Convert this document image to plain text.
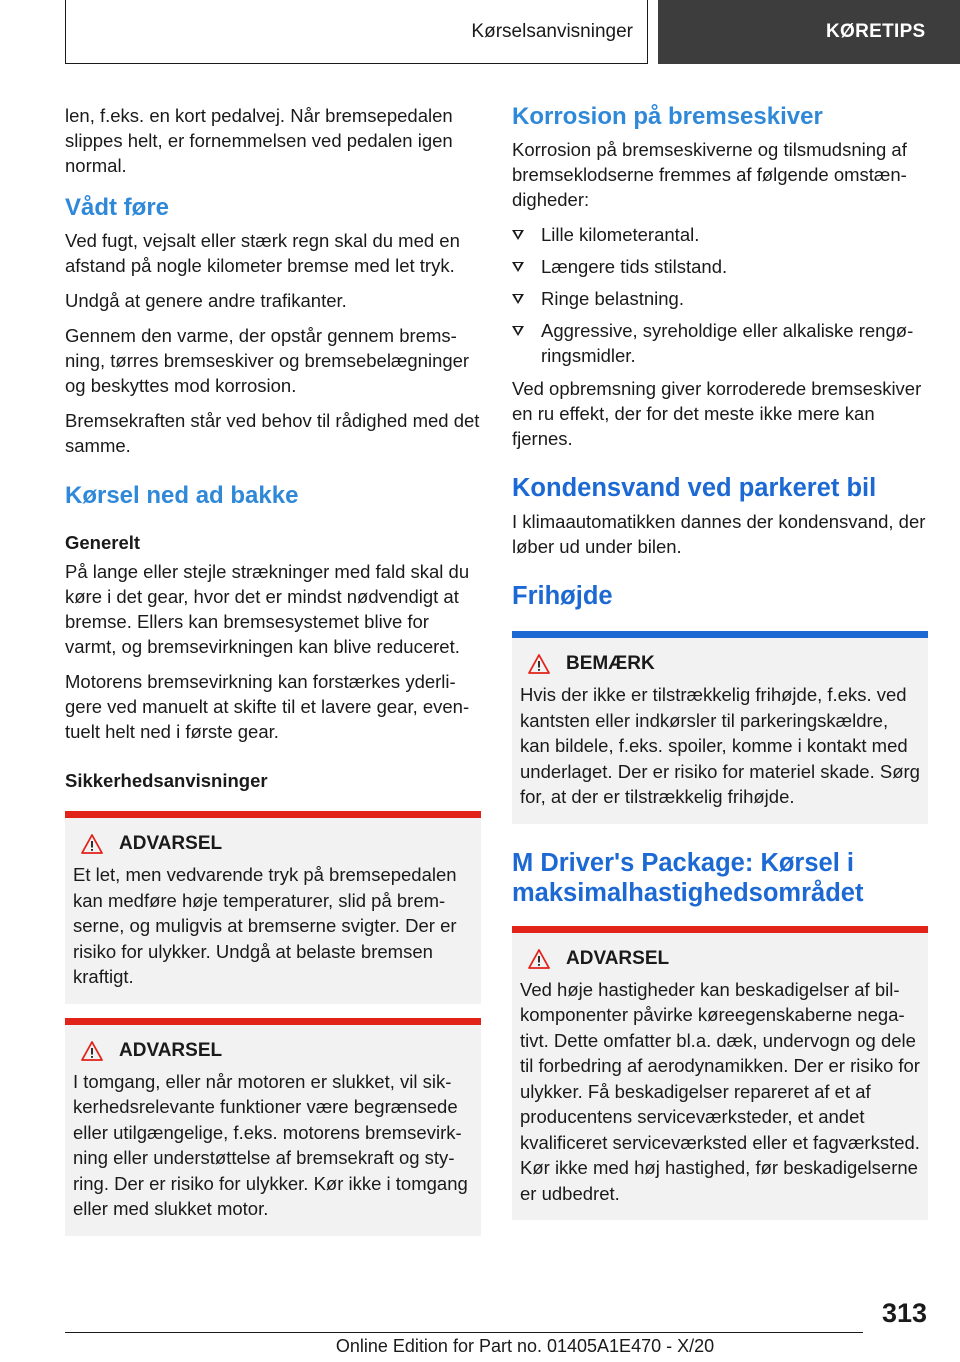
Kørselsanvisninger	KØRETIPS

len, f.eks. en kort pedalvej. Når bremsepedalen slippes helt, er fornemmelsen ved pedalen igen normal.

Vådt føre

Ved fugt, vejsalt eller stærk regn skal du med en afstand på nogle kilometer bremse med let tryk.

Undgå at genere andre trafikanter.

Gennem den varme, der opstår gennem bremsning, tørres bremseskiver og bremsebelægninger og beskyttes mod korrosion.

Bremsekraften står ved behov til rådighed med det samme.

Kørsel ned ad bakke
Generelt

På lange eller stejle strækninger med fald skal du køre i det gear, hvor det er mindst nødvendigt at bremse. Ellers kan bremsesystemet blive for varmt, og bremsevirkningen kan blive reduceret.

Motorens bremsevirkning kan forstærkes yderligere ved manuelt at skifte til et lavere gear, eventuelt helt ned i første gear.

Sikkerhedsanvisninger
ADVARSEL

Et let, men vedvarende tryk på bremsepedalen kan medføre høje temperaturer, slid på bremserne, og muligvis at bremserne svigter. Der er risiko for ulykker. Undgå at belaste bremsen kraftigt.

ADVARSEL

I tomgang, eller når motoren er slukket, vil sikkerhedsrelevante funktioner være begrænsede eller utilgængelige, f.eks. motorens bremsevirkning eller understøttelse af bremsekraft og styring. Der er risiko for ulykker. Kør ikke i tomgang eller med slukket motor.

Korrosion på bremseskiver

Korrosion på bremseskiverne og tilsmudsning af bremseklodserne fremmes af følgende omstændigheder:

Lille kilometerantal.
Længere tids stilstand.
Ringe belastning.
Aggressive, syreholdige eller alkaliske rengøringsmidler.

Ved opbremsning giver korroderede bremseskiver en ru effekt, der for det meste ikke mere kan fjernes.

Kondensvand ved parkeret bil

I klimaautomatikken dannes der kondensvand, der løber ud under bilen.

Frihøjde
BEMÆRK

Hvis der ikke er tilstrækkelig frihøjde, f.eks. ved kantsten eller indkørsler til parkeringskældre, kan bildele, f.eks. spoiler, komme i kontakt med underlaget. Der er risiko for materiel skade. Sørg for, at der er tilstrækkelig frihøjde.

M Driver's Package: Kørsel i maksimalhastighedsområdet
ADVARSEL

Ved høje hastigheder kan beskadigelser af bilkomponenter påvirke køreegenskaberne negativt. Dette omfatter bl.a. dæk, undervogn og dele til forbedring af aerodynamikken. Der er risiko for ulykker. Få beskadigelser repareret af et af producentens serviceværksteder, et andet kvalificeret serviceværksted eller et fagværksted. Kør ikke med høj hastighed, før beskadigelserne er udbedret.

313
Online Edition for Part no. 01405A1E470 - X/20
